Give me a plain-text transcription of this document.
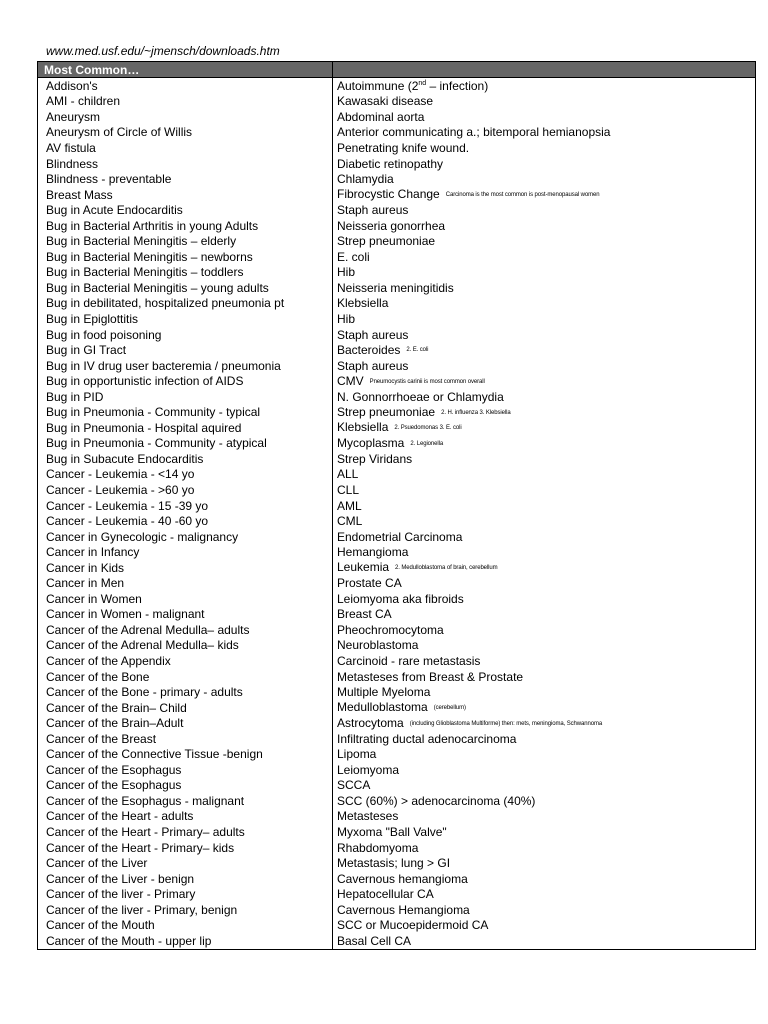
www.med.usf.edu/~jmensch/downloads.htm
Most Common…	
Addison's	Autoimmune (2nd – infection)
AMI - children	Kawasaki disease
Aneurysm	Abdominal aorta
Aneurysm of Circle of Willis	Anterior communicating a.; bitemporal hemianopsia
AV fistula	Penetrating knife wound.
Blindness	Diabetic retinopathy
Blindness - preventable	Chlamydia
Breast Mass	Fibrocystic Change Carcinoma is the most common is post-menopausal women
Bug in Acute Endocarditis	Staph aureus
Bug in Bacterial Arthritis in young Adults	Neisseria gonorrhea
Bug in Bacterial Meningitis – elderly	Strep pneumoniae
Bug in Bacterial Meningitis – newborns	E. coli
Bug in Bacterial Meningitis – toddlers	Hib
Bug in Bacterial Meningitis – young adults	Neisseria meningitidis
Bug in debilitated, hospitalized pneumonia pt	Klebsiella
Bug in Epiglottitis	Hib
Bug in food poisoning	Staph aureus
Bug in GI Tract	Bacteroides 2. E. coli
Bug in IV drug user bacteremia / pneumonia	Staph aureus
Bug in opportunistic infection of AIDS	CMV Pneumocystis carinii is most common overall
Bug in PID	N. Gonnorrhoeae or Chlamydia
Bug in Pneumonia - Community - typical	Strep pneumoniae 2. H. influenza 3. Klebsiella
Bug in Pneumonia - Hospital aquired	Klebsiella 2. Psuedomonas 3. E. coli
Bug in Pneumonia - Community - atypical	Mycoplasma 2. Legionella
Bug in Subacute Endocarditis	Strep Viridans
Cancer - Leukemia - <14 yo	ALL
Cancer - Leukemia - >60 yo	CLL
Cancer - Leukemia - 15 -39 yo	AML
Cancer - Leukemia - 40 -60 yo	CML
Cancer in Gynecologic - malignancy	Endometrial Carcinoma
Cancer in Infancy	Hemangioma
Cancer in Kids	Leukemia 2. Medulloblastoma of brain, cerebellum
Cancer in Men	Prostate CA
Cancer in Women	Leiomyoma aka fibroids
Cancer in Women - malignant	Breast CA
Cancer of the Adrenal Medulla– adults	Pheochromocytoma
Cancer of the Adrenal Medulla– kids	Neuroblastoma
Cancer of the Appendix	Carcinoid - rare metastasis
Cancer of the Bone	Metasteses from Breast & Prostate
Cancer of the Bone - primary - adults	Multiple Myeloma
Cancer of the Brain– Child	Medulloblastoma (cerebellum)
Cancer of the Brain–Adult	Astrocytoma (including Glioblastoma Multiforme) then: mets, meningioma, Schwannoma
Cancer of the Breast	Infiltrating ductal adenocarcinoma
Cancer of the Connective Tissue -benign	Lipoma
Cancer of the Esophagus	Leiomyoma
Cancer of the Esophagus	SCCA
Cancer of the Esophagus - malignant	SCC (60%) > adenocarcinoma (40%)
Cancer of the Heart - adults	Metasteses
Cancer of the Heart - Primary– adults	Myxoma "Ball Valve"
Cancer of the Heart - Primary– kids	Rhabdomyoma
Cancer of the Liver	Metastasis; lung > GI
Cancer of the Liver - benign	Cavernous hemangioma
Cancer of the liver - Primary	Hepatocellular CA
Cancer of the liver - Primary, benign	Cavernous Hemangioma
Cancer of the Mouth	SCC or Mucoepidermoid CA
Cancer of the Mouth - upper lip	Basal Cell CA
